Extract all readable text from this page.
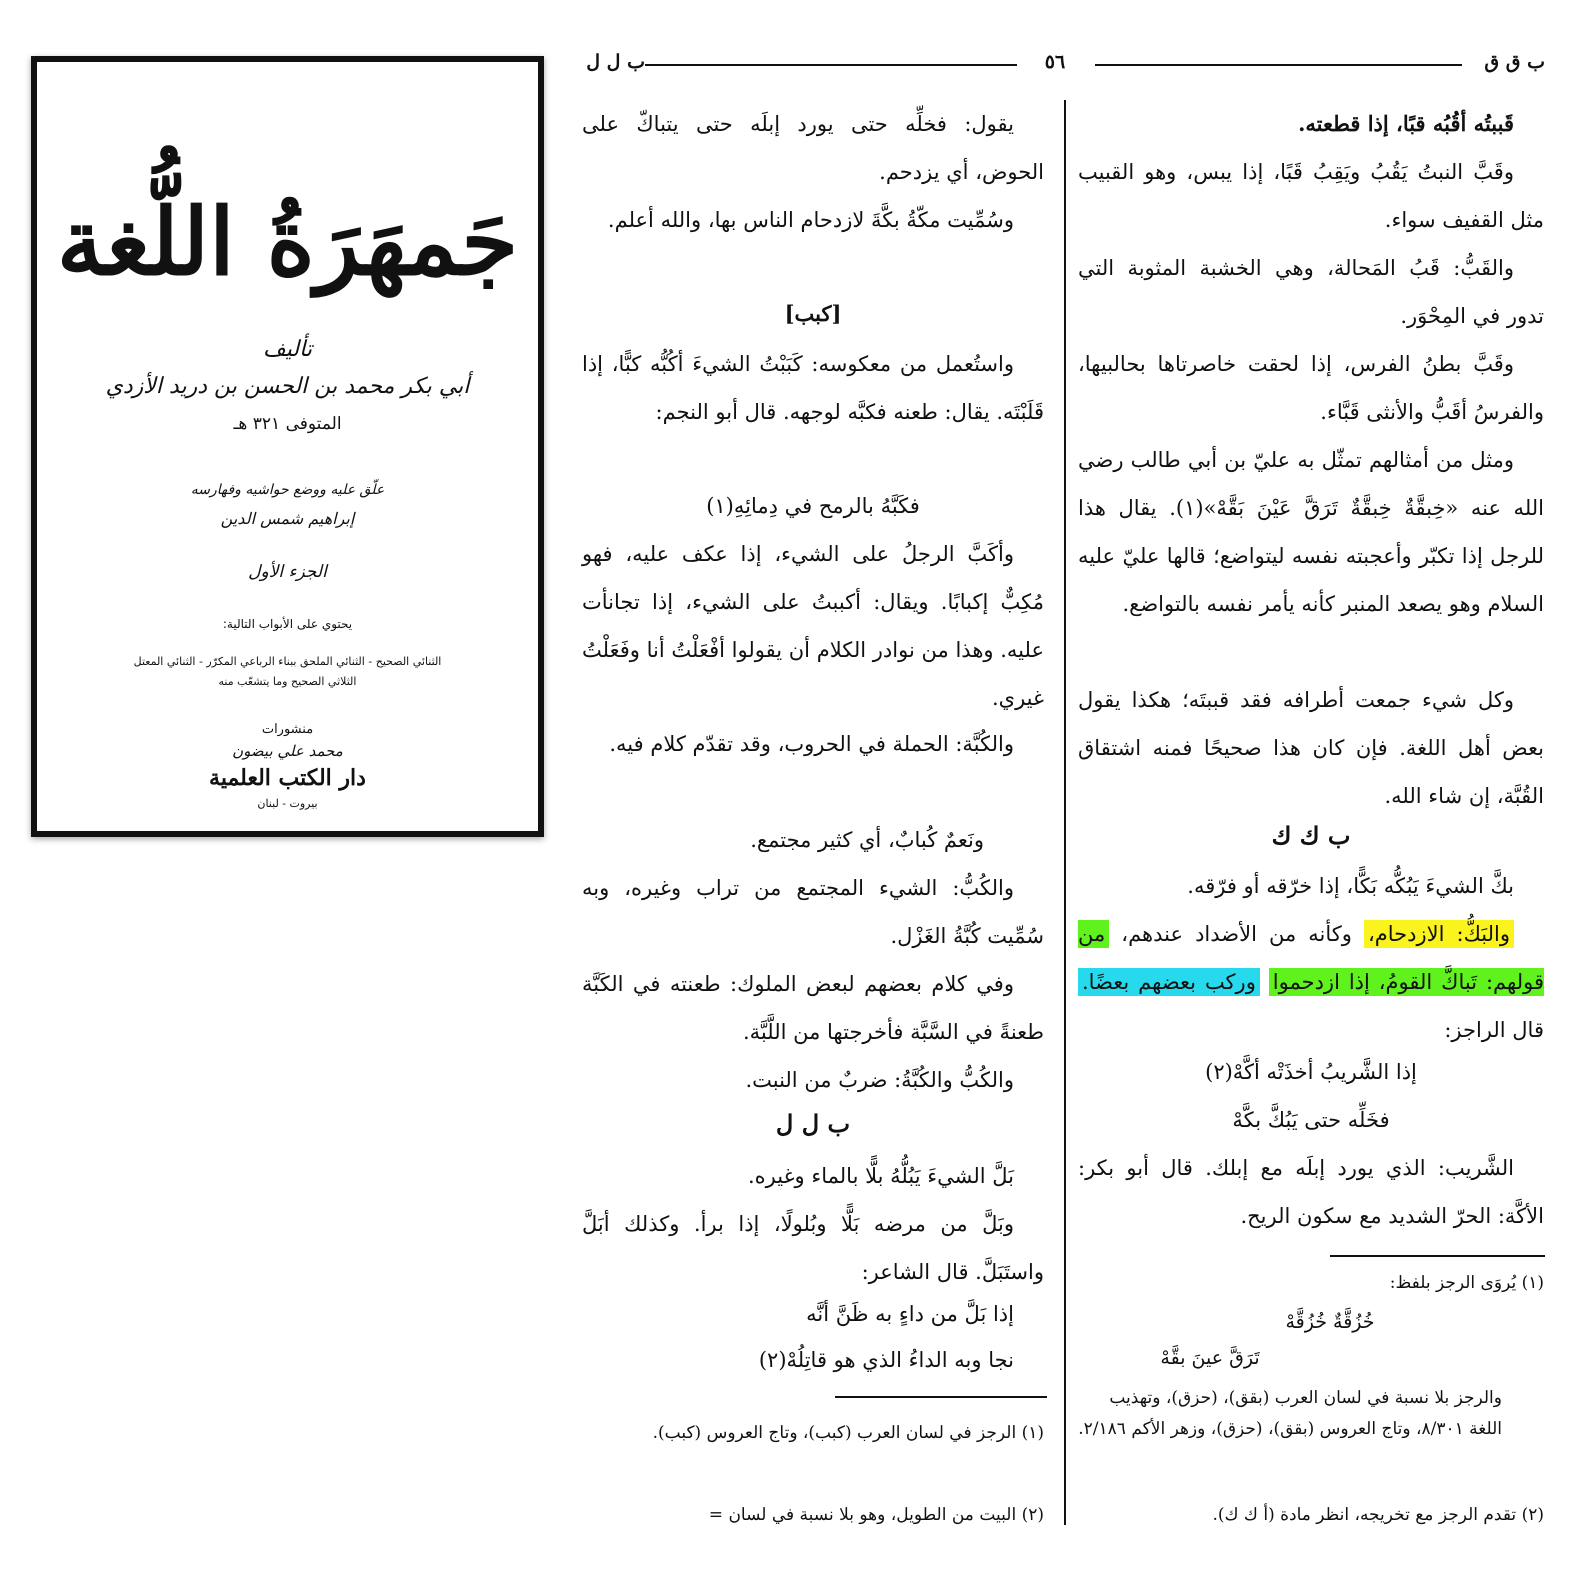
جَمهَرَةُ اللُّغة
تأليف
أبي بكر محمد بن الحسن بن دريد الأزدي
المتوفى ٣٢١ هـ
علّق عليه ووضع حواشيه وفهارسه
إبراهيم شمس الدين
الجزء الأول
يحتوي على الأبواب التالية:
الثنائي الصحيح - الثنائي الملحق ببناء الرباعي المكرّر - الثنائي المعتل
الثلاثي الصحيح وما يتشعّب منه
منشورات
محمد علي بيضون
دار الكتب العلمية
بيروت - لبنان
ب ق ق
٥٦
ب ل ل

قَببتُه أقُبُه قبًا، إذا قطعته.

وقَبَّ النبتُ يَقُبُ ويَقِبُ قَبًا، إذا يبس، وهو القبيب مثل القفيف سواء.

والقَبُّ: قَبُ المَحالة، وهي الخشبة المثوبة التي تدور في المِحْوَر.

وقَبَّ بطنُ الفرس، إذا لحقت خاصرتاها بحالبيها، والفرسُ أقَبُّ والأنثى قَبَّاء.

ومثل من أمثالهم تمثّل به عليّ بن أبي طالب رضي الله عنه «خِبقَّةٌ خِبقَّةٌ تَرَقَّ عَيْنَ بَقَّهْ»(١). يقال هذا للرجل إذا تكبّر وأعجبته نفسه ليتواضع؛ قالها عليّ عليه السلام وهو يصعد المنبر كأنه يأمر نفسه بالتواضع.

وكل شيء جمعت أطرافه فقد قببتَه؛ هكذا يقول بعض أهل اللغة. فإن كان هذا صحيحًا فمنه اشتقاق القُبَّة، إن شاء الله.

ب ك ك

بكَّ الشيءَ يَبُكُّه بَكًّا، إذا خرّقه أو فرّقه.

والبَكُّ: الازدحام، وكأنه من الأضداد عندهم، من قولهم: تَباكَّ القومُ، إذا ازدحموا وركب بعضهم بعضًا. قال الراجز:

إذا الشَّريبُ أخذَتْه أكَّهْ(٢)

فخَلِّه حتى يَبُكَّ بكَّهْ

الشَّريب: الذي يورد إبلَه مع إبلك. قال أبو بكر: الأكَّة: الحرّ الشديد مع سكون الريح.

(١) يُروَى الرجز بلفظ:

خُزُقَّةٌ خُزُقَّهْ

تَرَقَّ عينَ بقَّهْ

والرجز بلا نسبة في لسان العرب (بقق)، (حزق)، وتهذيب اللغة ٨/٣٠١، وتاج العروس (بقق)، (حزق)، وزهر الأكم ٢/١٨٦.

(٢) تقدم الرجز مع تخريجه، انظر مادة (أ ك ك).

يقول: فخلِّه حتى يورد إبلَه حتى يتباكّ على الحوض، أي يزدحم.

وسُمِّيت مكّةُ بكَّةَ لازدحام الناس بها، والله أعلم.

[كبب]

واستُعمل من معكوسه: كَبَبْتُ الشيءَ أكُبُّه كبًّا، إذا قَلَبْتَه. يقال: طعنه فكبَّه لوجهه. قال أبو النجم:

فكَبَّهُ بالرمح في دِمائِهِ(١)

وأكَبَّ الرجلُ على الشيء، إذا عكف عليه، فهو مُكِبٌّ إكبابًا. ويقال: أكببتُ على الشيء، إذا تجانأت عليه. وهذا من نوادر الكلام أن يقولوا أفْعَلْتُ أنا وفَعَلْتُ غيري.

والكُبَّة: الحملة في الحروب، وقد تقدّم كلام فيه.

ونَعمٌ كُبابٌ، أي كثير مجتمع.

والكُبُّ: الشيء المجتمع من تراب وغيره، وبه سُمِّيت كُبَّةُ الغَزْل.

وفي كلام بعضهم لبعض الملوك: طعنته في الكَبَّة طعنةً في السَّبَّة فأخرجتها من اللَّبَّة.

والكُبُّ والكُبَّةُ: ضربٌ من النبت.

ب ل ل

بَلَّ الشيءَ يَبُلُّهُ بلًّا بالماء وغيره.

وبَلَّ من مرضه بَلًّا وبُلولًا، إذا برأ. وكذلك أبَلَّ واستَبَلَّ. قال الشاعر:

إذا بَلَّ من داءٍ به ظَنَّ أنَّه

نجا وبه الداءُ الذي هو قاتِلُهْ(٢)

(١) الرجز في لسان العرب (كبب)، وتاج العروس (كبب).

(٢) البيت من الطويل، وهو بلا نسبة في لسان =
